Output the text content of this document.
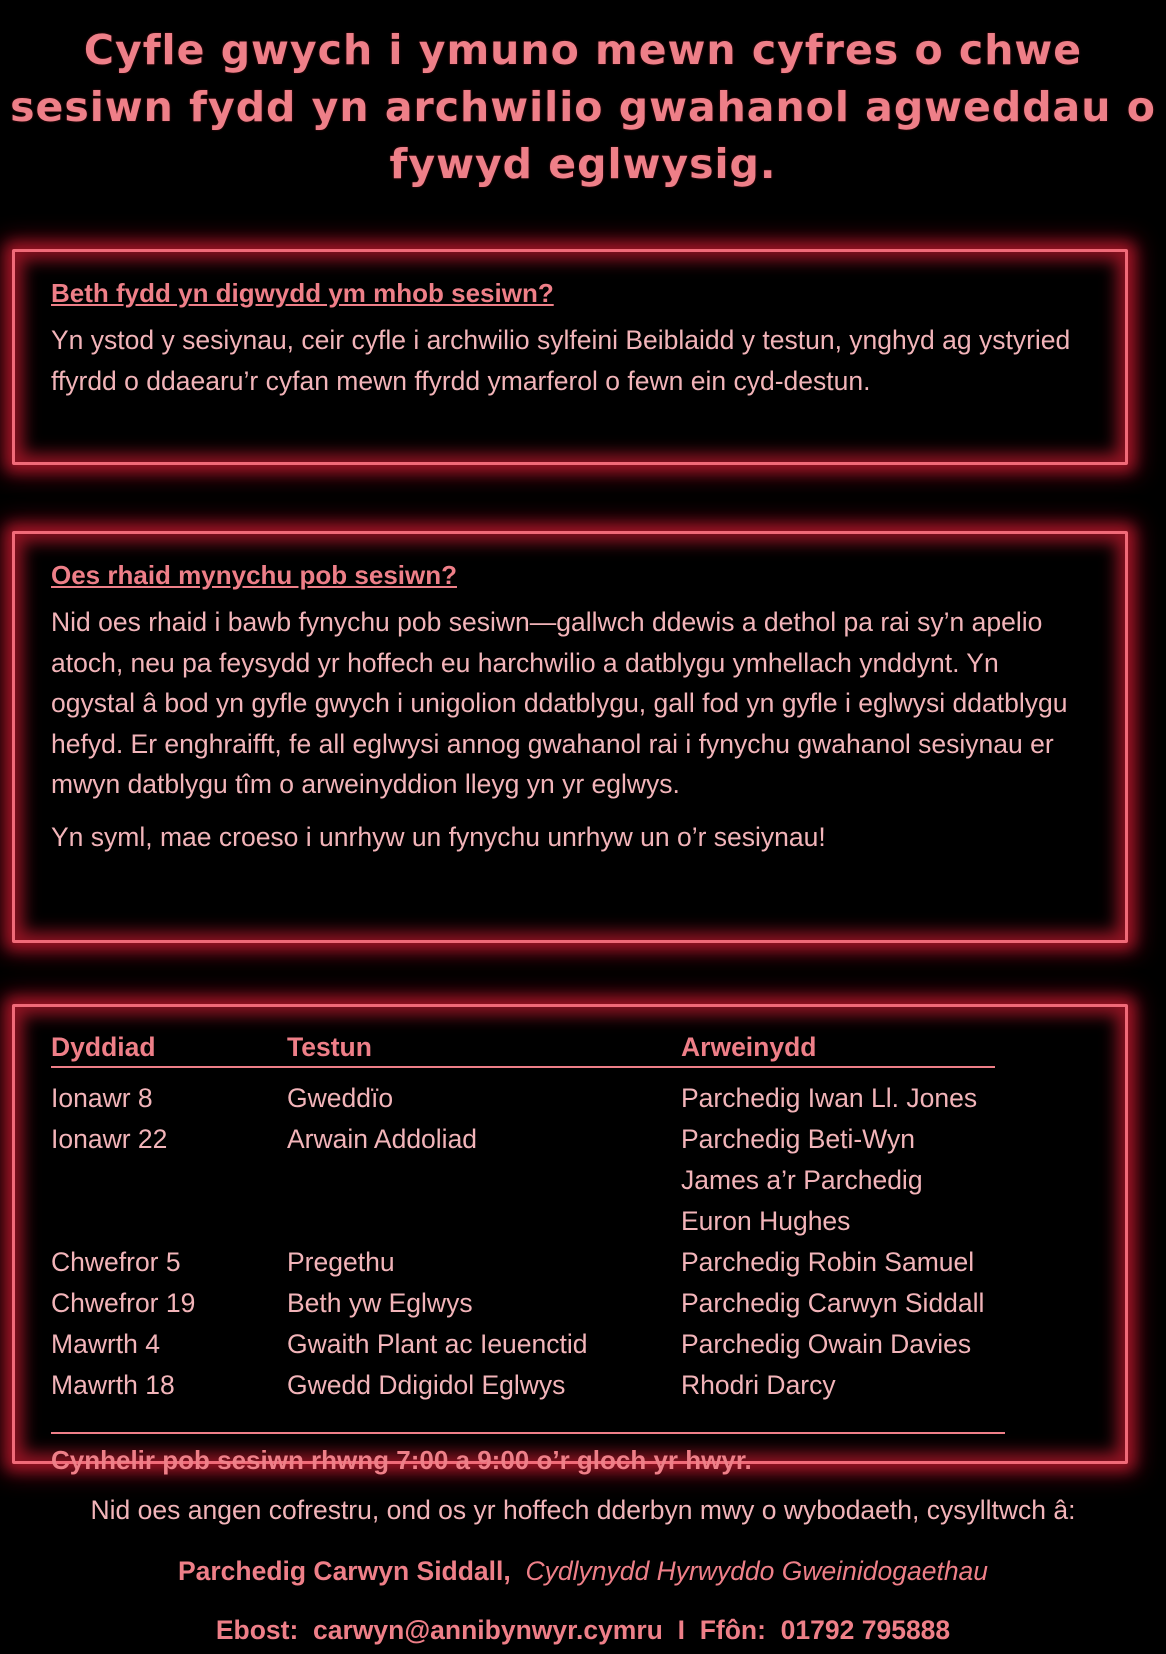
Cyfle gwych i ymuno mewn cyfres o chwe sesiwn fydd yn archwilio gwahanol agweddau o fywyd eglwysig.
Beth fydd yn digwydd ym mhob sesiwn?
Yn ystod y sesiynau, ceir cyfle i archwilio sylfeini Beiblaidd y testun, ynghyd ag ystyried ffyrdd o ddaearu’r cyfan mewn ffyrdd ymarferol o fewn ein cyd-destun.
Oes rhaid mynychu pob sesiwn?
Nid oes rhaid i bawb fynychu pob sesiwn—gallwch ddewis a dethol pa rai sy’n apelio atoch, neu pa feysydd yr hoffech eu harchwilio a datblygu ymhellach ynddynt. Yn ogystal â bod yn gyfle gwych i unigolion ddatblygu, gall fod yn gyfle i eglwysi ddatblygu hefyd. Er enghraifft, fe all eglwysi annog gwahanol rai i fynychu gwahanol sesiynau er mwyn datblygu tîm o arweinyddion lleyg yn yr eglwys.
Yn syml, mae croeso i unrhyw un fynychu unrhyw un o’r sesiynau!
Dyddiad	Testun	Arweinydd

Ionawr 8	Gweddïo	Parchedig Iwan Ll. Jones
Ionawr 22	Arwain Addoliad	Parchedig Beti-Wyn James a’r Parchedig Euron Hughes
Chwefror 5	Pregethu	Parchedig Robin Samuel
Chwefror 19	Beth yw Eglwys	Parchedig Carwyn Siddall
Mawrth 4	Gwaith Plant ac Ieuenctid	Parchedig Owain Davies
Mawrth 18	Gwedd Ddigidol Eglwys	Rhodri Darcy
Cynhelir pob sesiwn rhwng 7:00 a 9:00 o’r gloch yr hwyr.
Nid oes angen cofrestru, ond os yr hoffech dderbyn mwy o wybodaeth, cysylltwch â:
Parchedig Carwyn Siddall, Cydlynydd Hyrwyddo Gweinidogaethau
Ebost: carwyn@annibynwyr.cymru I Ffôn: 01792 795888
